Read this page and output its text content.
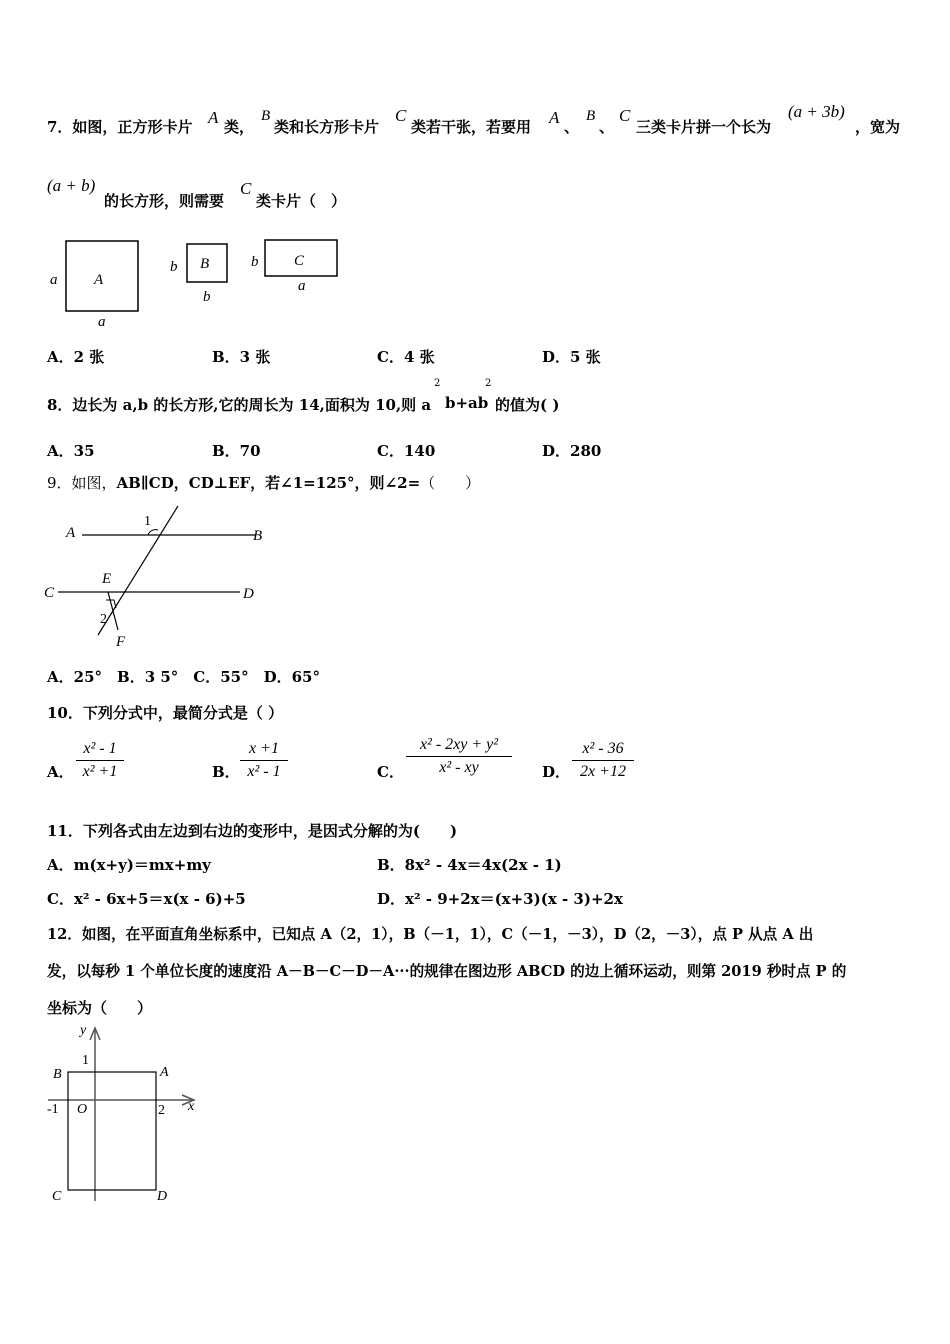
7．如图，正方形卡片 A 类，
B
类和长方形卡片
C
类若干张，若要用 A 、
B
、
C
三类卡片拼一个长为
(a + 3b)
，宽为
(a + b)
的长方形，则需要
C
类卡片（　）
A
a
a
B
b
b
C
b
a
A．2 张	B．3 张	C．4 张	D．5 张
8．边长为 a,b 的长方形,它的周长为 14,面积为 10,则 a
2
b+ab
2
的值为( )
A．35	B．70	C．140	D．280
9．如图，AB∥CD，CD⊥EF，若∠1=125°，则∠2=（　　）
A	B
C	D
E
F
1
2
A．25°　B．3 5°　C．55°　D．65°
10．下列分式中，最简分式是（ ）
A． $\frac{\text{x² - 1}}{\text{x² +1}}$	B． $\frac{x +1}{\text{x² - 1}}$	C． $\frac{\text{x² - 2xy + y²}}{\text{x² - xy}}$ D． $\frac{\text{x² - 36}}{2x +12}$
11．下列各式由左边到右边的变形中，是因式分解的为(　　)
A．m(x+y)＝mx+my	B．8x² - 4x＝4x(2x - 1)
C．x² - 6x+5＝x(x - 6)+5	D．x² - 9+2x＝(x+3)(x - 3)+2x
12．如图，在平面直角坐标系中，已知点 A（2，1），B（－1，1），C（－1，－3），D（2，－3），点 P 从点 A 出
发，以每秒 1 个单位长度的速度沿 A－B－C－D－A···的规律在图边形 ABCD 的边上循环运动，则第 2019 秒时点 P 的
坐标为（　　）
y
x
1
-1	2
O
A
B
C	D
